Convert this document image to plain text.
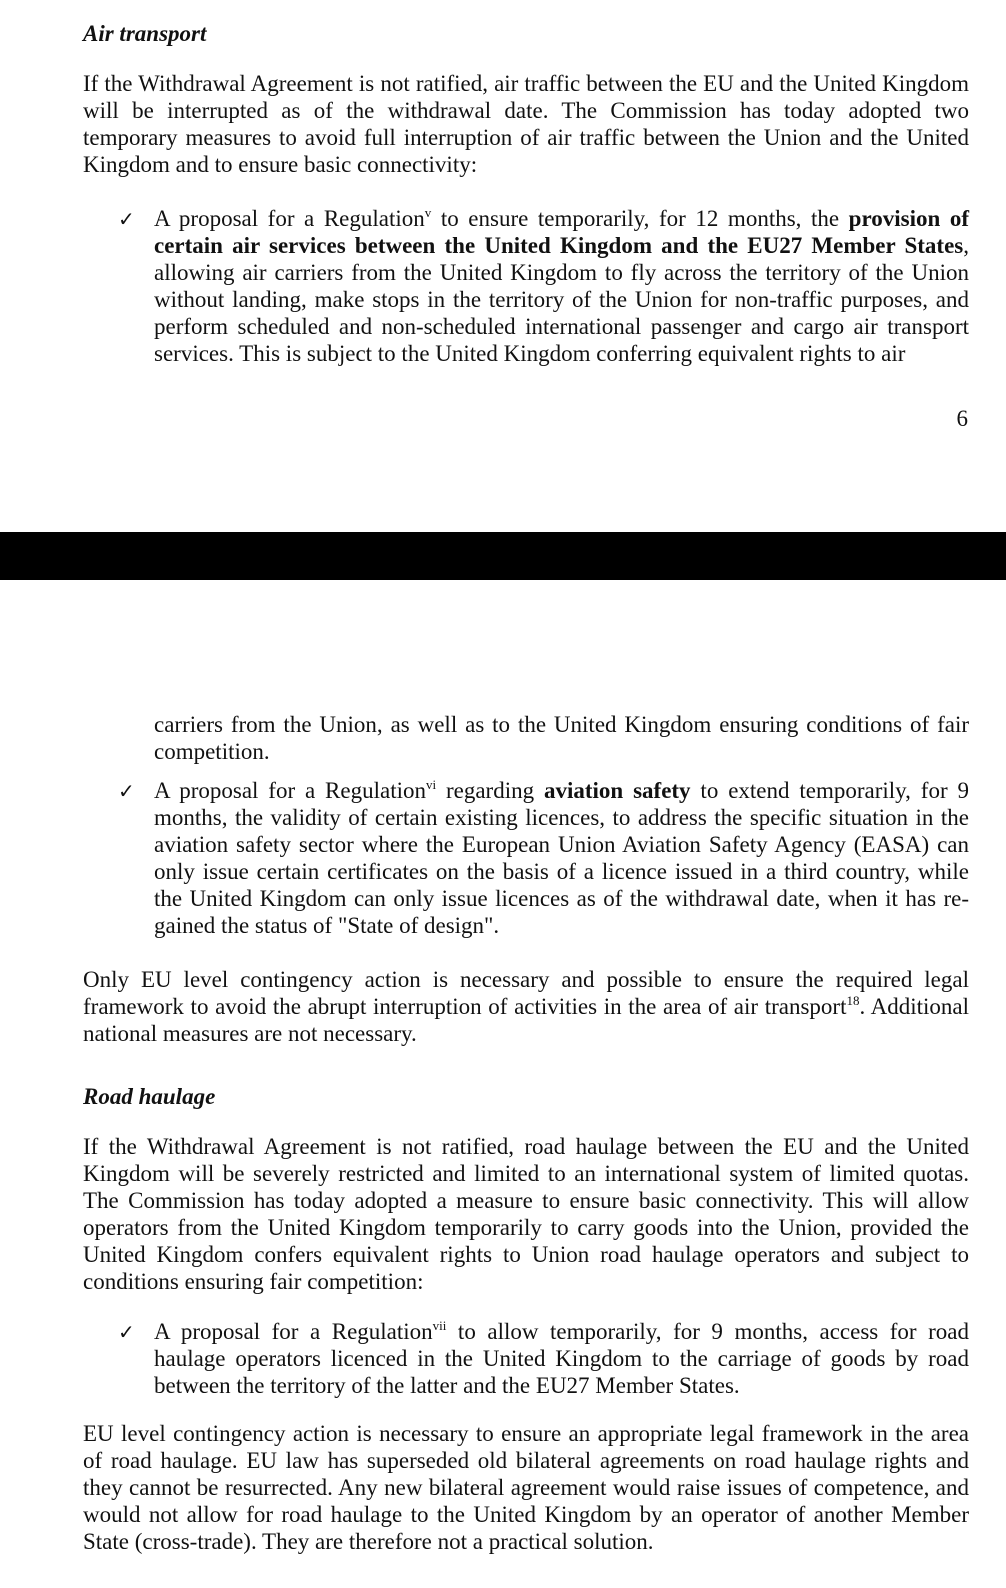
Air transport
If the Withdrawal Agreement is not ratified, air traffic between the EU and the United Kingdom will be interrupted as of the withdrawal date. The Commission has today adopted two temporary measures to avoid full interruption of air traffic between the Union and the United Kingdom and to ensure basic connectivity:
✓ A proposal for a Regulation$^v$ to ensure temporarily, for 12 months, the provision of certain air services between the United Kingdom and the EU27 Member States, allowing air carriers from the United Kingdom to fly across the territory of the Union without landing, make stops in the territory of the Union for non-traffic purposes, and perform scheduled and non-scheduled international passenger and cargo air transport services. This is subject to the United Kingdom conferring equivalent rights to air
6
carriers from the Union, as well as to the United Kingdom ensuring conditions of fair competition.
✓ A proposal for a Regulation$^{vi}$ regarding aviation safety to extend temporarily, for 9 months, the validity of certain existing licences, to address the specific situation in the aviation safety sector where the European Union Aviation Safety Agency (EASA) can only issue certain certificates on the basis of a licence issued in a third country, while the United Kingdom can only issue licences as of the withdrawal date, when it has re-gained the status of "State of design".
Only EU level contingency action is necessary and possible to ensure the required legal framework to avoid the abrupt interruption of activities in the area of air transport$^{18}$. Additional national measures are not necessary.
Road haulage
If the Withdrawal Agreement is not ratified, road haulage between the EU and the United Kingdom will be severely restricted and limited to an international system of limited quotas. The Commission has today adopted a measure to ensure basic connectivity. This will allow operators from the United Kingdom temporarily to carry goods into the Union, provided the United Kingdom confers equivalent rights to Union road haulage operators and subject to conditions ensuring fair competition:
✓ A proposal for a Regulation$^{vii}$ to allow temporarily, for 9 months, access for road haulage operators licenced in the United Kingdom to the carriage of goods by road between the territory of the latter and the EU27 Member States.
EU level contingency action is necessary to ensure an appropriate legal framework in the area of road haulage. EU law has superseded old bilateral agreements on road haulage rights and they cannot be resurrected. Any new bilateral agreement would raise issues of competence, and would not allow for road haulage to the United Kingdom by an operator of another Member State (cross-trade). They are therefore not a practical solution.
